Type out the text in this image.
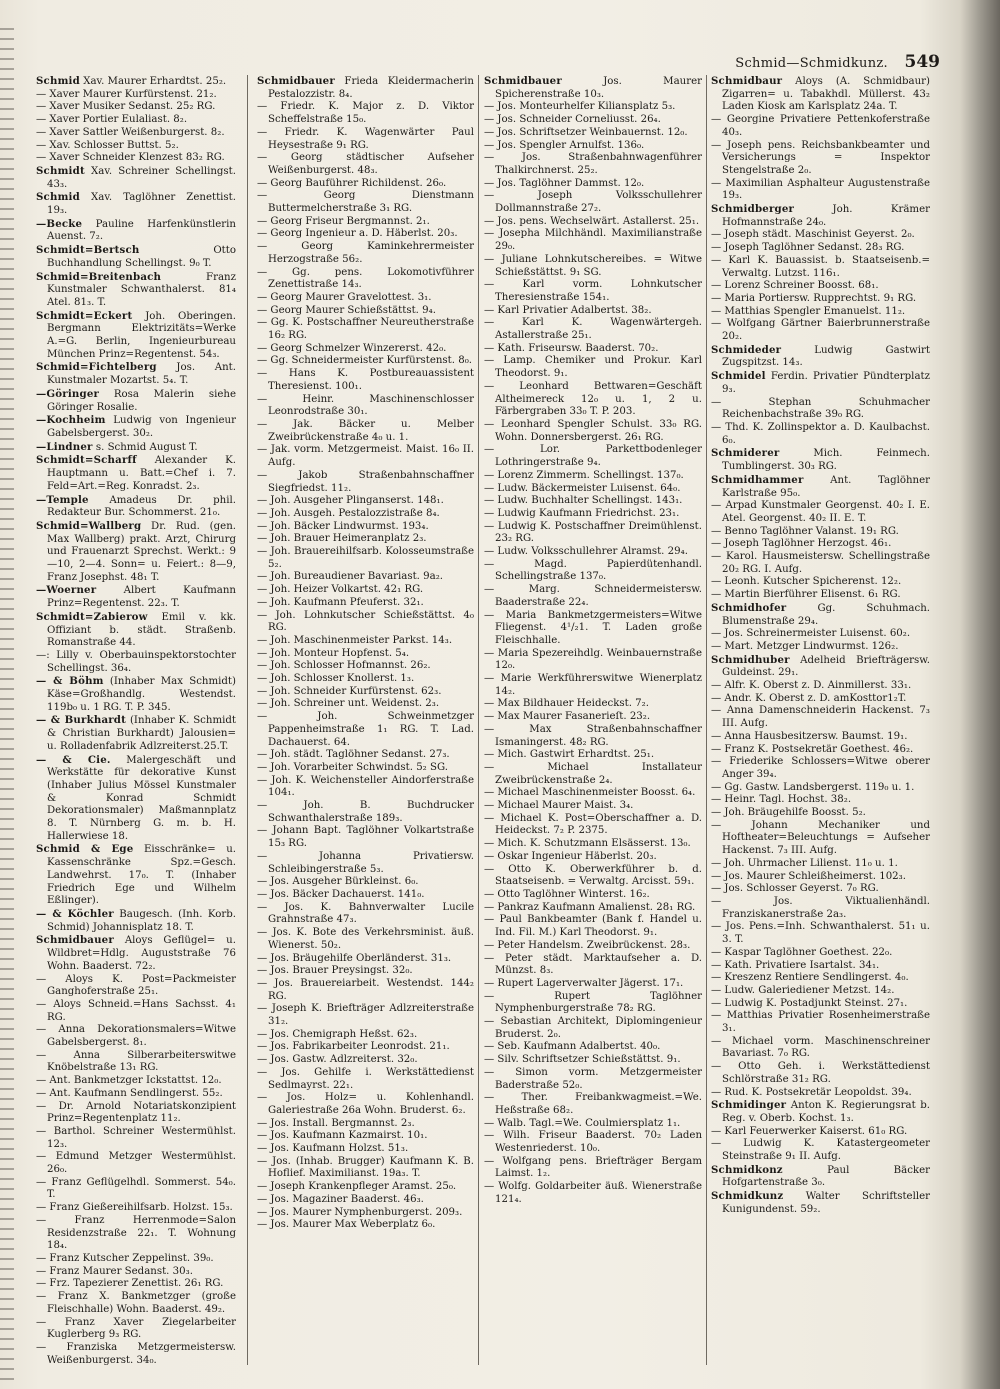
Schmid—Schmidkunz. 549

Schmid Xav. Maurer Erhardtst. 25₂.

— Xaver Maurer Kurfürstenst. 21₂.

— Xaver Musiker Sedanst. 25₂ RG.

— Xaver Portier Eulaliast. 8₂.

— Xaver Sattler Weißenburgerst. 8₂.

— Xav. Schlosser Buttst. 5₂.

— Xaver Schneider Klenzest 83₂ RG.

Schmidt Xav. Schreiner Schellingst. 43₃.

Schmid Xav. Taglöhner Zenettist. 19₃.

—Becke Pauline Harfenkünstlerin Auenst. 7₂.

Schmidt=Bertsch	Otto Buchhandlung Schellingst. 9₀ T.

Schmid=Breitenbach	Franz Kunstmaler Schwanthalerst. 81₄ Atel. 81₃. T.

Schmidt=Eckert Joh. Oberingen. Bergmann Elektrizitäts=Werke A.=G. Berlin, Ingenieurbureau München Prinz=Regentenst. 54₃.

Schmid=Fichtelberg Jos. Ant. Kunstmaler Mozartst. 5₄. T.

—Göringer Rosa Malerin siehe Göringer Rosalie.

—Kochheim Ludwig von Ingenieur Gabelsbergerst. 30₂.

—Lindner s. Schmid August T.

Schmidt=Scharff Alexander K. Hauptmann u. Batt.=Chef i. 7. Feld=Art.=Reg. Konradst. 2₃.

—Temple Amadeus Dr. phil. Redakteur Bur. Schommerst. 21₀.

Schmid=Wallberg Dr. Rud. (gen. Max Wallberg) prakt. Arzt, Chirurg und Frauenarzt Sprechst. Werkt.: 9—10, 2—4. Sonn= u. Feiert.: 8—9, Franz Josephst. 48₁ T.

—Woerner	Albert Kaufmann Prinz=Regentenst. 22₃. T.

Schmidt=Zabierow Emil v. kk. Offiziant b. städt. Straßenb. Romanstraße 44.

—: Lilly v. Oberbauinspektorstochter Schellingst. 36₄.

— & Böhm (Inhaber Max Schmidt) Käse=Großhandlg. Westendst. 119b₀ u. 1 RG. T. P. 345.

— & Burkhardt (Inhaber K. Schmidt & Christian Burkhardt) Jalousien= u. Rolladenfabrik Adlzreiterst.25.T.

— & Cie. Malergeschäft und Werkstätte für dekorative Kunst (Inhaber Julius Mössel Kunstmaler & Konrad Schmidt Dekorationsmaler) Maßmannplatz 8. T. Nürnberg G. m. b. H. Hallerwiese 18.

Schmid & Ege Eisschränke= u. Kassenschränke Spz.=Gesch. Landwehrst. 17₀. T. (Inhaber Friedrich Ege und Wilhelm Eßlinger).

— & Köchler Baugesch. (Inh. Korb. Schmid) Johannisplatz 18. T.

Schmidbauer Aloys Geflügel= u. Wildbret=Hdlg. Auguststraße 76 Wohn. Baaderst. 72₂.

— Aloys K. Post=Packmeister Ganghoferstraße 25₁.

— Aloys Schneid.=Hans Sachsst. 4₁ RG.

— Anna Dekorationsmalers=Witwe Gabelsbergerst. 8₁.

— Anna Silberarbeiterswitwe Knöbelstraße 13₁ RG.

— Ant. Bankmetzger Ickstattst. 12₀.

— Ant. Kaufmann Sendlingerst. 55₂.

— Dr. Arnold Notariatskonzipient Prinz=Regentenplatz 11₂.

— Barthol. Schreiner Westermühlst. 12₃.

— Edmund Metzger Westermühlst. 26₀.

— Franz Geflügelhdl. Sommerst. 54₀. T.

— Franz Gießereihilfsarb. Holzst. 15₃.

— Franz Herrenmode=Salon Residenzstraße 22₁. T. Wohnung 18₄.

— Franz Kutscher Zeppelinst. 39₀.

— Franz Maurer Sedanst. 30₃.

— Frz. Tapezierer Zenettist. 26₁ RG.

— Franz X. Bankmetzger (große Fleischhalle) Wohn. Baaderst. 49₂.

— Franz Xaver Ziegelarbeiter Kuglerberg 9₃ RG.

— Franziska Metzgermeistersw. Weißenburgerst. 34₀.

Schmidbauer Frieda Kleidermacherin Pestalozzistr. 8₄.

— Friedr. K. Major z. D. Viktor Scheffelstraße 15₀.

— Friedr. K. Wagenwärter Paul Heysestraße 9₁ RG.

— Georg städtischer Aufseher Weißenburgerst. 48₃.

— Georg Bauführer Richildenst. 26₀.

— Georg Dienstmann Buttermelcherstraße 3₁ RG.

— Georg Friseur Bergmannst. 2₁.

— Georg Ingenieur a. D. Häberlst. 20₃.

— Georg Kaminkehrermeister Herzogstraße 56₂.

— Gg. pens. Lokomotivführer Zenettistraße 14₃.

— Georg Maurer Gravelottest. 3₁.

— Georg Maurer Schießstättst. 9₄.

— Gg. K. Postschaffner Neureutherstraße 16₂ RG.

— Georg Schmelzer Winzererst. 42₀.

— Gg. Schneidermeister Kurfürstenst. 8₀.

— Hans K. Postbureauassistent Theresienst. 100₁.

— Heinr. Maschinenschlosser Leonrodstraße 30₁.

— Jak. Bäcker u. Melber Zweibrückenstraße 4₀ u. 1.

— Jak. vorm. Metzgermeist. Maist. 16₀ II. Aufg.

— Jakob Straßenbahnschaffner Siegfriedst. 11₂.

— Joh. Ausgeher Plinganserst. 148₁.

— Joh. Ausgeh. Pestalozzistraße 8₄.

— Joh. Bäcker Lindwurmst. 193₄.

— Joh. Brauer Heimeranplatz 2₃.

— Joh. Brauereihilfsarb. Kolosseumstraße 5₂.

— Joh. Bureaudiener Bavariast. 9a₂.

— Joh. Heizer Volkartst. 42₁ RG.

— Joh. Kaufmann Pfeuferst. 32₁.

— Joh. Lohnkutscher Schießstättst. 4₀ RG.

— Joh. Maschinenmeister Parkst. 14₃.

— Joh. Monteur Hopfenst. 5₄.

— Joh. Schlosser Hofmannst. 26₂.

— Joh. Schlosser Knollerst. 1₃.

— Joh. Schneider Kurfürstenst. 62₃.

— Joh. Schreiner unt. Weidenst. 2₃.

— Joh. Schweinmetzger Pappenheimstraße 1₁ RG. T. Lad. Dachauerst. 64.

— Joh. städt. Taglöhner Sedanst. 27₃.

— Joh. Vorarbeiter Schwindst. 5₂ SG.

— Joh. K. Weichensteller Aindorferstraße 104₁.

— Joh. B. Buchdrucker Schwanthalerstraße 189₃.

— Johann Bapt. Taglöhner Volkartstraße 15₃ RG.

— Johanna Privatiersw. Schleibingerstraße 5₃.

— Jos. Ausgeher Bürkleinst. 6₀.

— Jos. Bäcker Dachauerst. 141₀.

— Jos. K. Bahnverwalter Lucile Grahnstraße 47₃.

— Jos. K. Bote des Verkehrsminist. äuß. Wienerst. 50₂.

— Jos. Bräugehilfe Oberländerst. 31₃.

— Jos. Brauer Preysingst. 32₀.

— Jos. Brauereiarbeit. Westendst. 144₂ RG.

— Joseph K. Briefträger Adlzreiterstraße 31₂.

— Jos. Chemigraph Heßst. 62₃.

— Jos. Fabrikarbeiter Leonrodst. 21₁.

— Jos. Gastw. Adlzreiterst. 32₀.

— Jos. Gehilfe i. Werkstättedienst Sedlmayrst. 22₁.

— Jos. Holz= u. Kohlenhandl. Galeriestraße 26a Wohn. Bruderst. 6₂.

— Jos. Install. Bergmannst. 2₃.

— Jos. Kaufmann Kazmairst. 10₁.

— Jos. Kaufmann Holzst. 51₃.

— Jos. (Inhab. Brugger) Kaufmann K. B. Hoflief. Maximilianst. 19a₃. T.

— Joseph Krankenpfleger Aramst. 25₀.

— Jos. Magaziner Baaderst. 46₃.

— Jos. Maurer Nymphenburgerst. 209₃.

— Jos. Maurer Max Weberplatz 6₀.

Schmidbauer	Jos. Maurer Spicherenstraße 10₃.

— Jos. Monteurhelfer Kiliansplatz 5₃.

— Jos. Schneider Corneliusst. 26₄.

— Jos. Schriftsetzer Weinbauernst. 12₀.

— Jos. Spengler Arnulfst. 136₀.

— Jos. Straßenbahnwagenführer Thalkirchnerst. 25₂.

— Jos. Taglöhner Dammst. 12₀.

— Joseph Volksschullehrer Dollmannstraße 27₂.

— Jos. pens. Wechselwärt. Astallerst. 25₁.

— Josepha Milchhändl. Maximilianstraße 29₀.

— Juliane Lohnkutschereibes. = Witwe Schießstättst. 9₁ SG.

— Karl vorm. Lohnkutscher Theresienstraße 154₁.

— Karl Privatier Adalbertst. 38₂.

— Karl K. Wagenwärtergeh. Astallerstraße 25₁.

— Kath. Friseursw. Baaderst. 70₂.

— Lamp. Chemiker und Prokur. Karl Theodorst. 9₁.

— Leonhard Bettwaren=Geschäft Altheimereck 12₀ u. 1, 2 u. Färbergraben 33₀ T. P. 203.

— Leonhard Spengler Schulst. 33₀ RG. Wohn. Donnersbergerst. 26₁ RG.

— Lor. Parkettbodenleger Lothringerstraße 9₄.

— Lorenz Zimmerm. Schellingst. 137₀.

— Ludw. Bäckermeister Luisenst. 64₀.

— Ludw. Buchhalter Schellingst. 143₁.

— Ludwig Kaufmann Friedrichst. 23₁.

— Ludwig K. Postschaffner Dreimühlenst. 23₂ RG.

— Ludw. Volksschullehrer Alramst. 29₄.

— Magd. Papierdütenhandl. Schellingstraße 137₀.

— Marg. Schneidermeistersw. Baaderstraße 22₄.

— Maria Bankmetzgermeisters=Witwe Fliegenst. 4¹/₂1. T. Laden große Fleischhalle.

— Maria Spezereihdlg. Weinbauernstraße 12₀.

— Marie Werkführerswitwe Wienerplatz 14₂.

— Max Bildhauer Heideckst. 7₂.

— Max Maurer Fasanerieſt. 23₂.

— Max Straßenbahnschaffner Ismaningerst. 48₂ RG.

— Mich. Gastwirt Erhardtst. 25₁.

— Michael Installateur Zweibrückenstraße 2₄.

— Michael Maschinenmeister Boosst. 6₄.

— Michael Maurer Maist. 3₄.

— Michael K. Post=Oberschaffner a. D. Heideckst. 7₂ P. 2375.

— Mich. K. Schutzmann Elsässerst. 13₀.

— Oskar Ingenieur Häberlst. 20₃.

— Otto K. Oberwerkführer b. d. Staatseisenb. = Verwaltg. Arcisst. 59₁.

— Otto Taglöhner Winterst. 16₂.

— Pankraz Kaufmann Amalienst. 28₁ RG.

— Paul Bankbeamter (Bank f. Handel u. Ind. Fil. M.) Karl Theodorst. 9₁.

— Peter Handelsm. Zweibrückenst. 28₃.

— Peter städt. Marktaufseher a. D. Münzst. 8₃.

— Rupert Lagerverwalter Jägerst. 17₁.

— Rupert Taglöhner Nymphenburgerstraße 78₂ RG.

— Sebastian Architekt, Diplomingenieur Bruderst. 2₀.

— Seb. Kaufmann Adalbertst. 40₀.

— Silv. Schriftsetzer Schießstättst. 9₁.

— Simon vorm. Metzgermeister Baderstraße 52₀.

— Ther. Freibankwagmeist.=We. Heßstraße 68₂.

— Walb. Tagl.=We. Coulmiersplatz 1₁.

— Wilh. Friseur Baaderst. 70₂ Laden Westenriederst. 10₀.

— Wolfgang pens. Briefträger Bergam Laimst. 1₂.

— Wolfg. Goldarbeiter äuß. Wienerstraße 121₄.

Schmidbaur Aloys (A. Schmidbaur) Zigarren= u. Tabakhdl. Müllerst. 43₂ Laden Kiosk am Karlsplatz 24a. T.

— Georgine Privatiere Pettenkoferstraße 40₃.

— Joseph pens. Reichsbankbeamter und Versicherungs = Inspektor Stengelstraße 2₀.

— Maximilian Asphalteur Augustenstraße 19₃.

Schmidberger	Joh. Krämer Hofmannstraße 24₀.

— Joseph städt. Maschinist Geyerst. 2₀.

— Joseph Taglöhner Sedanst. 28₃ RG.

— Karl K. Bauassist. b. Staatseisenb.= Verwaltg. Lutzst. 116₁.

— Lorenz Schreiner Boosst. 68₁.

— Maria Portiersw. Rupprechtst. 9₁ RG.

— Matthias Spengler Emanuelst. 11₂.

— Wolfgang Gärtner Baierbrunnerstraße 20₂.

Schmideder	Ludwig Gastwirt Zugspitzst. 14₃.

Schmidel Ferdin. Privatier Pündterplatz 9₃.

— Stephan Schuhmacher Reichenbachstraße 39₀ RG.

— Thd. K. Zollinspektor a. D. Kaulbachst. 6₀.

Schmiderer	Mich. Feinmech. Tumblingerst. 30₃ RG.

Schmidhammer	Ant. Taglöhner Karlstraße 95₀.

— Arpad Kunstmaler Georgenst. 40₂ I. E. Atel. Georgenst. 40₂ II. E. T.

— Benno Taglöhner Valanst. 19₁ RG.

— Joseph Taglöhner Herzogst. 46₁.

— Karol. Hausmeistersw. Schellingstraße 20₂ RG. I. Aufg.

— Leonh. Kutscher Spicherenst. 12₂.

— Martin Bierführer Elisenst. 6₁ RG.

Schmidhofer	Gg. Schuhmach. Blumenstraße 29₄.

— Jos. Schreinermeister Luisenst. 60₂.

— Mart. Metzger Lindwurmst. 126₂.

Schmidhuber Adelheid Briefträgersw. Guldeinst. 29₁.

— Alfr. K. Oberst z. D. Ainmillerst. 33₁.

— Andr. K. Oberst z. D. amKosttor1₂T.

— Anna Damenschneiderin Hackenst. 7₃ III. Aufg.

— Anna Hausbesitzersw. Baumst. 19₁.

— Franz K. Postsekretär Goethest. 46₂.

— Friederike Schlossers=Witwe oberer Anger 39₄.

— Gg. Gastw. Landsbergerst. 119₀ u. 1.

— Heinr. Tagl. Hochst. 38₂.

— Joh. Bräugehilfe Boosst. 5₂.

— Johann Mechaniker und Hoftheater=Beleuchtungs = Aufseher Hackenst. 7₃ III. Aufg.

— Joh. Uhrmacher Lilienst. 11₀ u. 1.

— Jos. Maurer Schleißheimerst. 102₃.

— Jos. Schlosser Geyerst. 7₀ RG.

— Jos. Viktualienhändl. Franziskanerstraße 2a₃.

— Jos. Pens.=Inh. Schwanthalerst. 51₁ u. 3. T.

— Kaspar Taglöhner Goethest. 22₀.

— Kath. Privatiere Isartalst. 34₁.

— Kreszenz Rentiere Sendlingerst. 4₀.

— Ludw. Galeriediener Metzst. 14₂.

— Ludwig K. Postadjunkt Steinst. 27₁.

— Matthias Privatier Rosenheimerstraße 3₁.

— Michael vorm. Maschinenschreiner Bavariast. 7₀ RG.

— Otto Geh. i. Werkstättedienst Schlörstraße 31₂ RG.

— Rud. K. Postsekretär Leopoldst. 39₄.

Schmidinger Anton K. Regierungsrat b. Reg. v. Oberb. Kochst. 1₃.

— Karl Feuerwerker Kaiserst. 61₀ RG.

— Ludwig K. Katastergeometer Steinstraße 9₁ II. Aufg.

Schmidkonz	Paul Bäcker Hofgartenstraße 3₀.

Schmidkunz Walter Schriftsteller Kunigundenst. 59₂.
